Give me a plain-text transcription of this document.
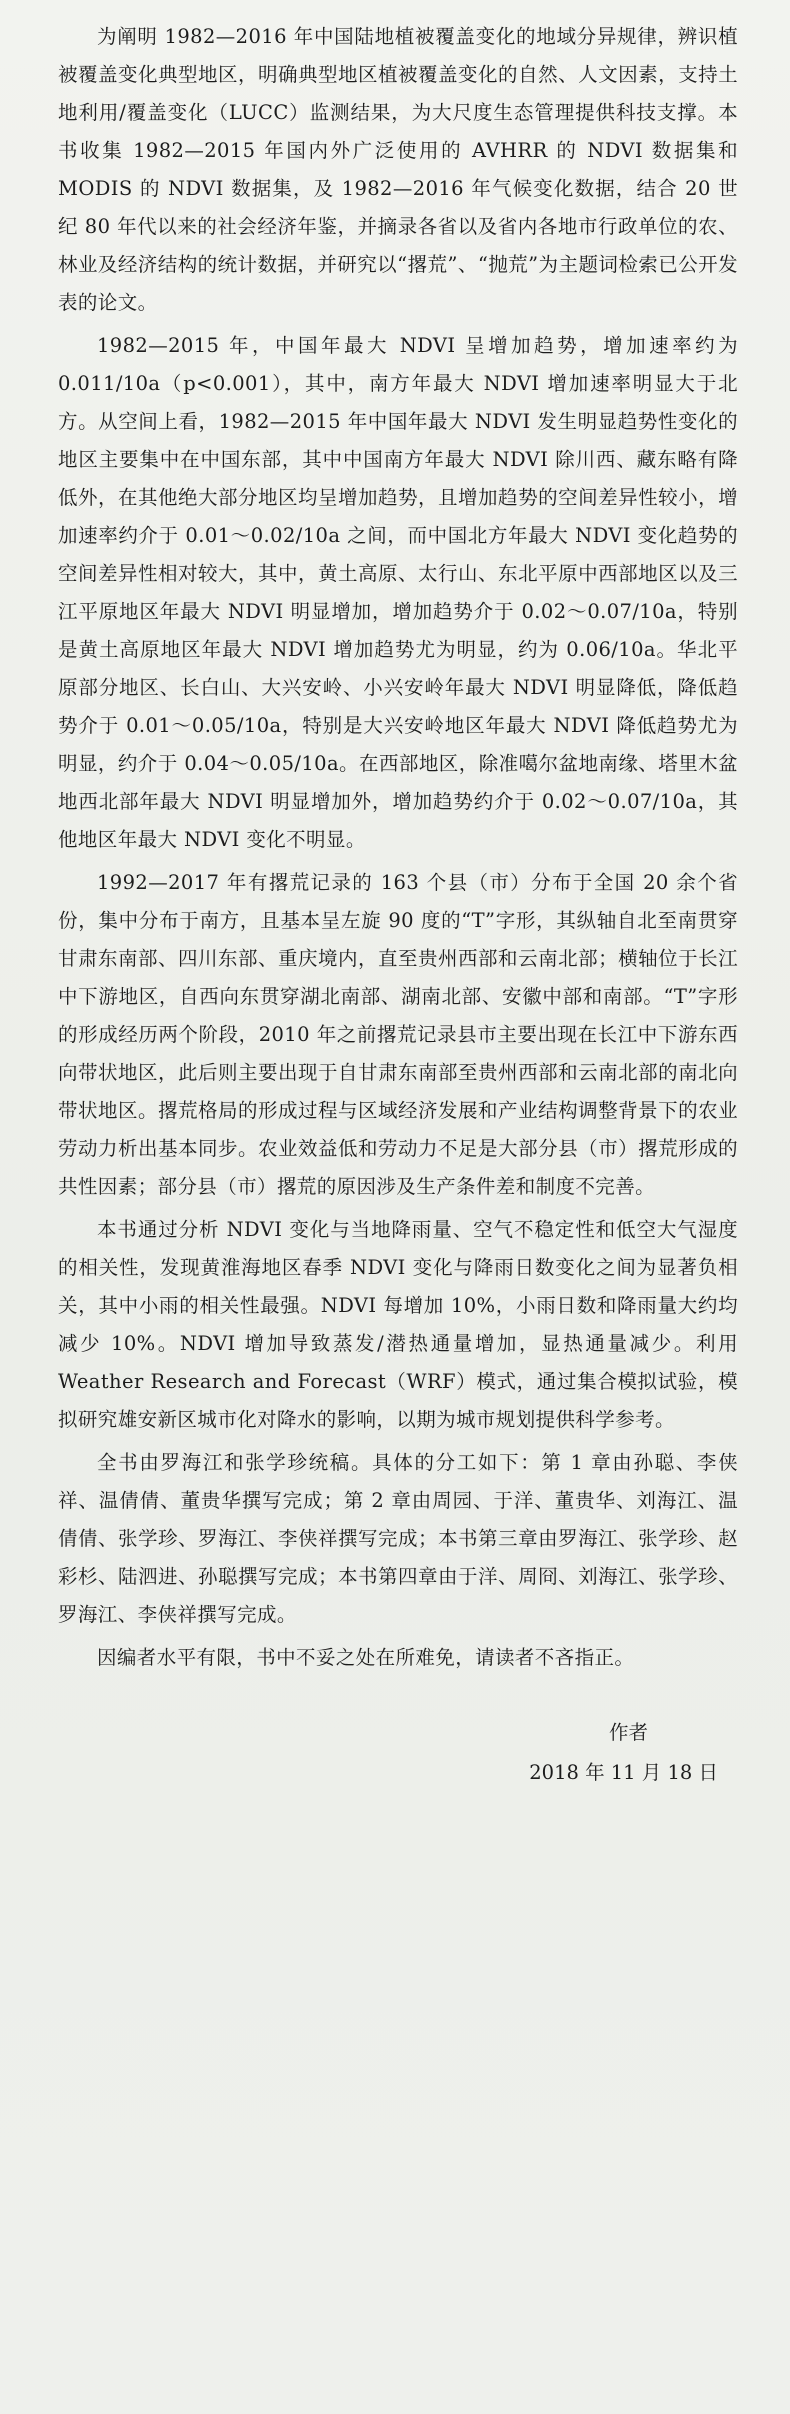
为阐明 1982—2016 年中国陆地植被覆盖变化的地域分异规律，辨识植被覆盖变化典型地区，明确典型地区植被覆盖变化的自然、人文因素，支持土地利用/覆盖变化（LUCC）监测结果，为大尺度生态管理提供科技支撑。本书收集 1982—2015 年国内外广泛使用的 AVHRR 的 NDVI 数据集和 MODIS 的 NDVI 数据集，及 1982—2016 年气候变化数据，结合 20 世纪 80 年代以来的社会经济年鉴，并摘录各省以及省内各地市行政单位的农、林业及经济结构的统计数据，并研究以“撂荒”、“抛荒”为主题词检索已公开发表的论文。

1982—2015 年，中国年最大 NDVI 呈增加趋势，增加速率约为 0.011/10a（p<0.001），其中，南方年最大 NDVI 增加速率明显大于北方。从空间上看，1982—2015 年中国年最大 NDVI 发生明显趋势性变化的地区主要集中在中国东部，其中中国南方年最大 NDVI 除川西、藏东略有降低外，在其他绝大部分地区均呈增加趋势，且增加趋势的空间差异性较小，增加速率约介于 0.01～0.02/10a 之间，而中国北方年最大 NDVI 变化趋势的空间差异性相对较大，其中，黄土高原、太行山、东北平原中西部地区以及三江平原地区年最大 NDVI 明显增加，增加趋势介于 0.02～0.07/10a，特别是黄土高原地区年最大 NDVI 增加趋势尤为明显，约为 0.06/10a。华北平原部分地区、长白山、大兴安岭、小兴安岭年最大 NDVI 明显降低，降低趋势介于 0.01～0.05/10a，特别是大兴安岭地区年最大 NDVI 降低趋势尤为明显，约介于 0.04～0.05/10a。在西部地区，除准噶尔盆地南缘、塔里木盆地西北部年最大 NDVI 明显增加外，增加趋势约介于 0.02～0.07/10a，其他地区年最大 NDVI 变化不明显。

1992—2017 年有撂荒记录的 163 个县（市）分布于全国 20 余个省份，集中分布于南方，且基本呈左旋 90 度的“T”字形，其纵轴自北至南贯穿甘肃东南部、四川东部、重庆境内，直至贵州西部和云南北部；横轴位于长江中下游地区，自西向东贯穿湖北南部、湖南北部、安徽中部和南部。“T”字形的形成经历两个阶段，2010 年之前撂荒记录县市主要出现在长江中下游东西向带状地区，此后则主要出现于自甘肃东南部至贵州西部和云南北部的南北向带状地区。撂荒格局的形成过程与区域经济发展和产业结构调整背景下的农业劳动力析出基本同步。农业效益低和劳动力不足是大部分县（市）撂荒形成的共性因素；部分县（市）撂荒的原因涉及生产条件差和制度不完善。

本书通过分析 NDVI 变化与当地降雨量、空气不稳定性和低空大气湿度的相关性，发现黄淮海地区春季 NDVI 变化与降雨日数变化之间为显著负相关，其中小雨的相关性最强。NDVI 每增加 10%，小雨日数和降雨量大约均减少 10%。NDVI 增加导致蒸发/潜热通量增加，显热通量减少。利用 Weather Research and Forecast（WRF）模式，通过集合模拟试验，模拟研究雄安新区城市化对降水的影响，以期为城市规划提供科学参考。

全书由罗海江和张学珍统稿。具体的分工如下：第 1 章由孙聪、李侠祥、温倩倩、董贵华撰写完成；第 2 章由周园、于洋、董贵华、刘海江、温倩倩、张学珍、罗海江、李侠祥撰写完成；本书第三章由罗海江、张学珍、赵彩杉、陆泗进、孙聪撰写完成；本书第四章由于洋、周冏、刘海江、张学珍、罗海江、李侠祥撰写完成。

因编者水平有限，书中不妥之处在所难免，请读者不吝指正。

作者
2018 年 11 月 18 日
